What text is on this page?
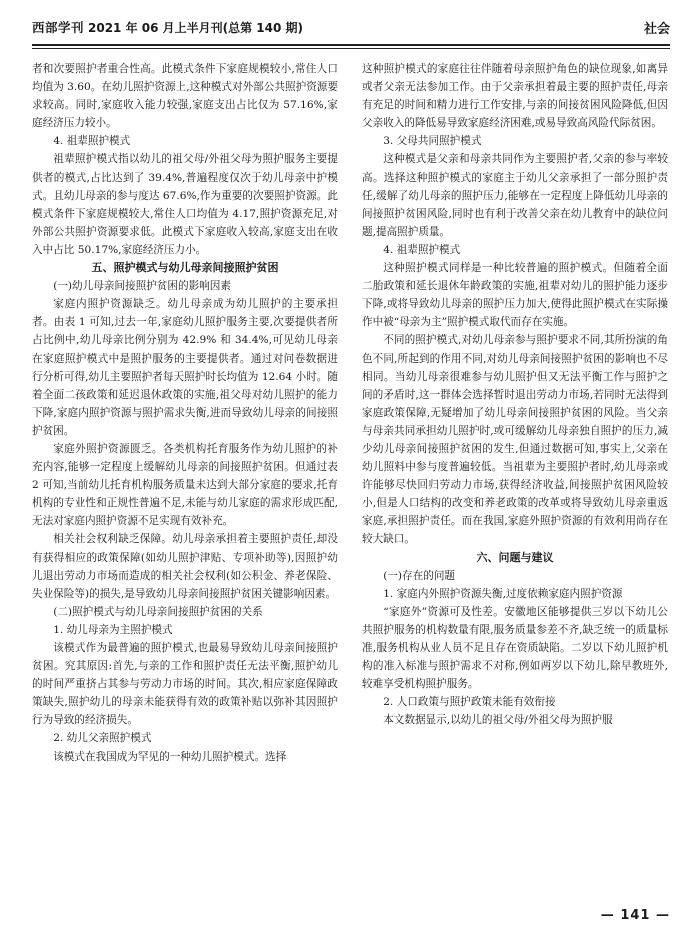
西部学刊 2021 年 06 月上半月刊(总第 140 期)	社会

者和次要照护者重合性高。此模式条件下家庭规模较小,常住人口均值为 3.60。在幼儿照护资源上,这种模式对外部公共照护资源要求较高。同时,家庭收入能力较强,家庭支出占比仅为 57.16%,家庭经济压力较小。

4. 祖辈照护模式

祖辈照护模式指以幼儿的祖父母/外祖父母为照护服务主要提供者的模式,占比达到了 39.4%,普遍程度仅次于幼儿母亲中护模式。且幼儿母亲的参与度达 67.6%,作为重要的次要照护资源。此模式条件下家庭规模较大,常住人口均值为 4.17,照护资源充足,对外部公共照护资源要求低。此模式下家庭收入较高,家庭支出在收入中占比 50.17%,家庭经济压力小。

五、照护模式与幼儿母亲间接照护贫困

(一)幼儿母亲间接照护贫困的影响因素

家庭内照护资源缺乏。幼儿母亲成为幼儿照护的主要承担者。由表 1 可知,过去一年,家庭幼儿照护服务主要,次要提供者所占比例中,幼儿母亲比例分别为 42.9% 和 34.4%,可见幼儿母亲在家庭照护模式中是照护服务的主要提供者。通过对问卷数据进行分析可得,幼儿主要照护者每天照护时长均值为 12.64 小时。随着全面二孩政策和延迟退休政策的实施,祖父母对幼儿照护的能力下降,家庭内照护资源与照护需求失衡,进而导致幼儿母亲的间接照护贫困。

家庭外照护资源匮乏。各类机构托育服务作为幼儿照护的补充内容,能够一定程度上缓解幼儿母亲的间接照护贫困。但通过表 2 可知,当前幼儿托育机构服务质量未达到大部分家庭的要求,托育机构的专业性和正规性普遍不足,未能与幼儿家庭的需求形成匹配,无法对家庭内照护资源不足实现有效补充。

相关社会权利缺乏保障。幼儿母亲承担着主要照护责任,却没有获得相应的政策保障(如幼儿照护津贴、专项补助等),因照护幼儿退出劳动力市场而造成的相关社会权利(如公积金、养老保险、失业保险等)的损失,是导致幼儿母亲间接照护贫困关键影响因素。

(二)照护模式与幼儿母亲间接照护贫困的关系

1. 幼儿母亲为主照护模式

该模式作为最普遍的照护模式,也最易导致幼儿母亲间接照护贫困。究其原因:首先,与亲的工作和照护责任无法平衡,照护幼儿的时间严重挤占其参与劳动力市场的时间。其次,相应家庭保障政策缺失,照护幼儿的母亲未能获得有效的政策补贴以弥补其因照护行为导致的经济损失。

2. 幼儿父亲照护模式

该模式在我国成为罕见的一种幼儿照护模式。选择

这种照护模式的家庭往往伴随着母亲照护角色的缺位现象,如离异或者父亲无法参加工作。由于父亲承担着最主要的照护责任,母亲有充足的时间和精力进行工作安排,与亲的间接贫困风险降低,但因父亲收入的降低易导致家庭经济困难,或易导致高风险代际贫困。

3. 父母共同照护模式

这种模式是父亲和母亲共同作为主要照护者,父亲的参与率较高。选择这种照护模式的家庭主于幼儿父亲承担了一部分照护责任,缓解了幼儿母亲的照护压力,能够在一定程度上降低幼儿母亲的间接照护贫困风险,同时也有利于改善父亲在幼儿教育中的缺位问题,提高照护质量。

4. 祖辈照护模式

这种照护模式同样是一种比较普遍的照护模式。但随着全面二胎政策和延长退休年龄政策的实施,祖辈对幼儿的照护能力逐步下降,或将导致幼儿母亲的照护压力加大,使得此照护模式在实际操作中被“母亲为主”照护模式取代而存在实施。

不同的照护模式,对幼儿母亲参与照护要求不同,其所扮演的角色不同,所起到的作用不同,对幼儿母亲间接照护贫困的影响也不尽相同。当幼儿母亲很难参与幼儿照护但又无法平衡工作与照护之间的矛盾时,这一群体会选择暂时退出劳动力市场,若同时无法得到家庭政策保障,无疑增加了幼儿母亲间接照护贫困的风险。当父亲与母亲共同承担幼儿照护时,或可缓解幼儿母亲独自照护的压力,减少幼儿母亲间接照护贫困的发生,但通过数据可知,事实上,父亲在幼儿照料中参与度普遍较低。当祖辈为主要照护者时,幼儿母亲或许能够尽快回归劳动力市场,获得经济收益,间接照护贫困风险较小,但是人口结构的改变和养老政策的改革或将导致幼儿母亲重返家庭,承担照护责任。而在我国,家庭外照护资源的有效利用尚存在较大缺口。

六、问题与建议

(一)存在的问题

1. 家庭内外照护资源失衡,过度依赖家庭内照护资源

“家庭外”资源可及性差。安徽地区能够提供三岁以下幼儿公共照护服务的机构数量有限,服务质量参差不齐,缺乏统一的质量标准,服务机构从业人员不足且存在资质缺陷。二岁以下幼儿照护机构的准入标准与照护需求不对称,例如两岁以下幼儿,除早教班外,较难享受机构照护服务。

2. 人口政策与照护政策未能有效衔接

本文数据显示,以幼儿的祖父母/外祖父母为照护服

— 141 —
